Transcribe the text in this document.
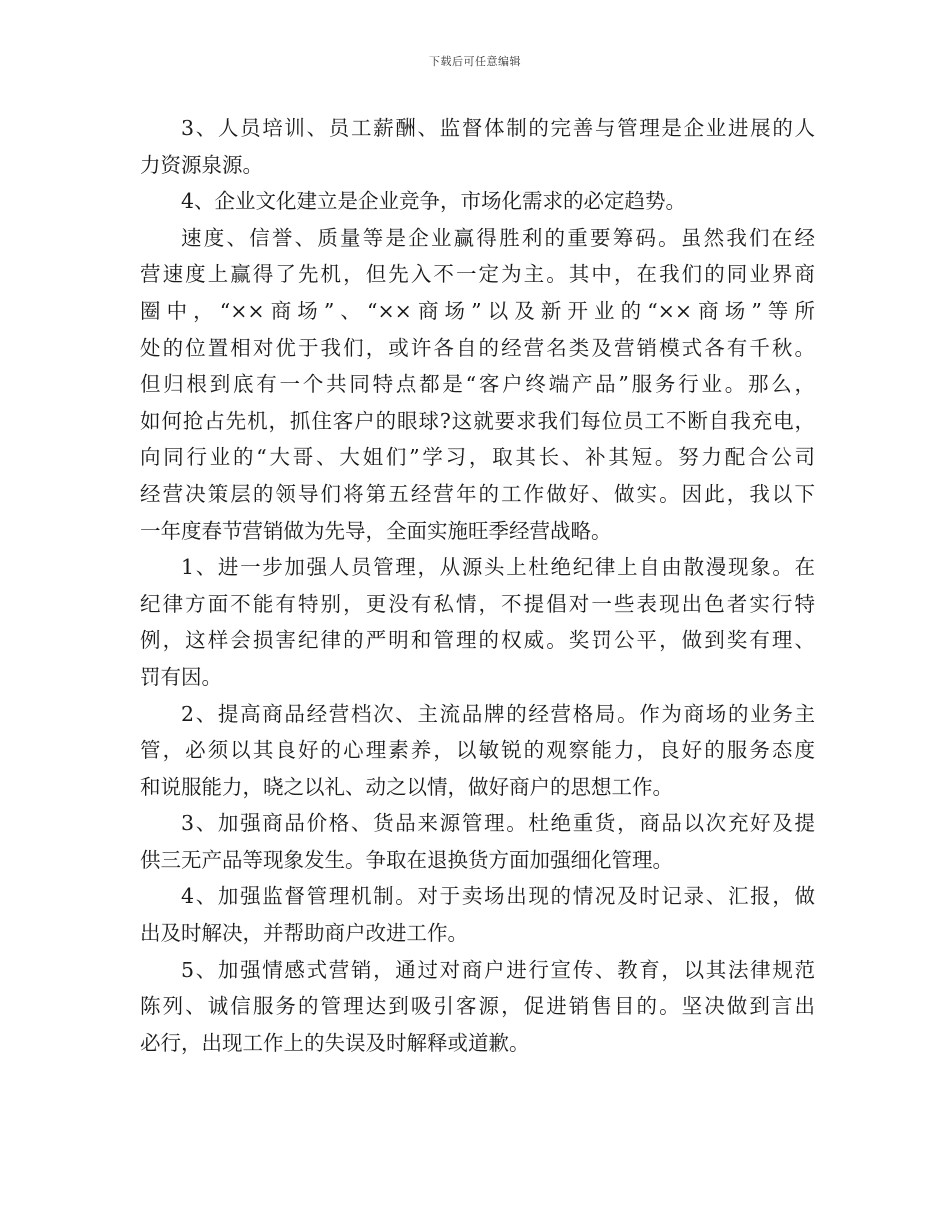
下载后可任意编辑
3、人员培训、员工薪酬、监督体制的完善与管理是企业进展的人
力资源泉源。
4、企业文化建立是企业竞争，市场化需求的必定趋势。
速度、信誉、质量等是企业赢得胜利的重要筹码。虽然我们在经
营速度上赢得了先机，但先入不一定为主。其中，在我们的同业界商
圈中，“××商场”、“××商场”以及新开业的“××商场”等所
处的位置相对优于我们，或许各自的经营名类及营销模式各有千秋。
但归根到底有一个共同特点都是“客户终端产品”服务行业。那么，
如何抢占先机，抓住客户的眼球?这就要求我们每位员工不断自我充电，
向同行业的“大哥、大姐们”学习，取其长、补其短。努力配合公司
经营决策层的领导们将第五经营年的工作做好、做实。因此，我以下
一年度春节营销做为先导，全面实施旺季经营战略。
1、进一步加强人员管理，从源头上杜绝纪律上自由散漫现象。在
纪律方面不能有特别，更没有私情，不提倡对一些表现出色者实行特
例，这样会损害纪律的严明和管理的权威。奖罚公平，做到奖有理、
罚有因。
2、提高商品经营档次、主流品牌的经营格局。作为商场的业务主
管，必须以其良好的心理素养，以敏锐的观察能力，良好的服务态度
和说服能力，晓之以礼、动之以情，做好商户的思想工作。
3、加强商品价格、货品来源管理。杜绝重货，商品以次充好及提
供三无产品等现象发生。争取在退换货方面加强细化管理。
4、加强监督管理机制。对于卖场出现的情况及时记录、汇报，做
出及时解决，并帮助商户改进工作。
5、加强情感式营销，通过对商户进行宣传、教育，以其法律规范
陈列、诚信服务的管理达到吸引客源，促进销售目的。坚决做到言出
必行，出现工作上的失误及时解释或道歉。
